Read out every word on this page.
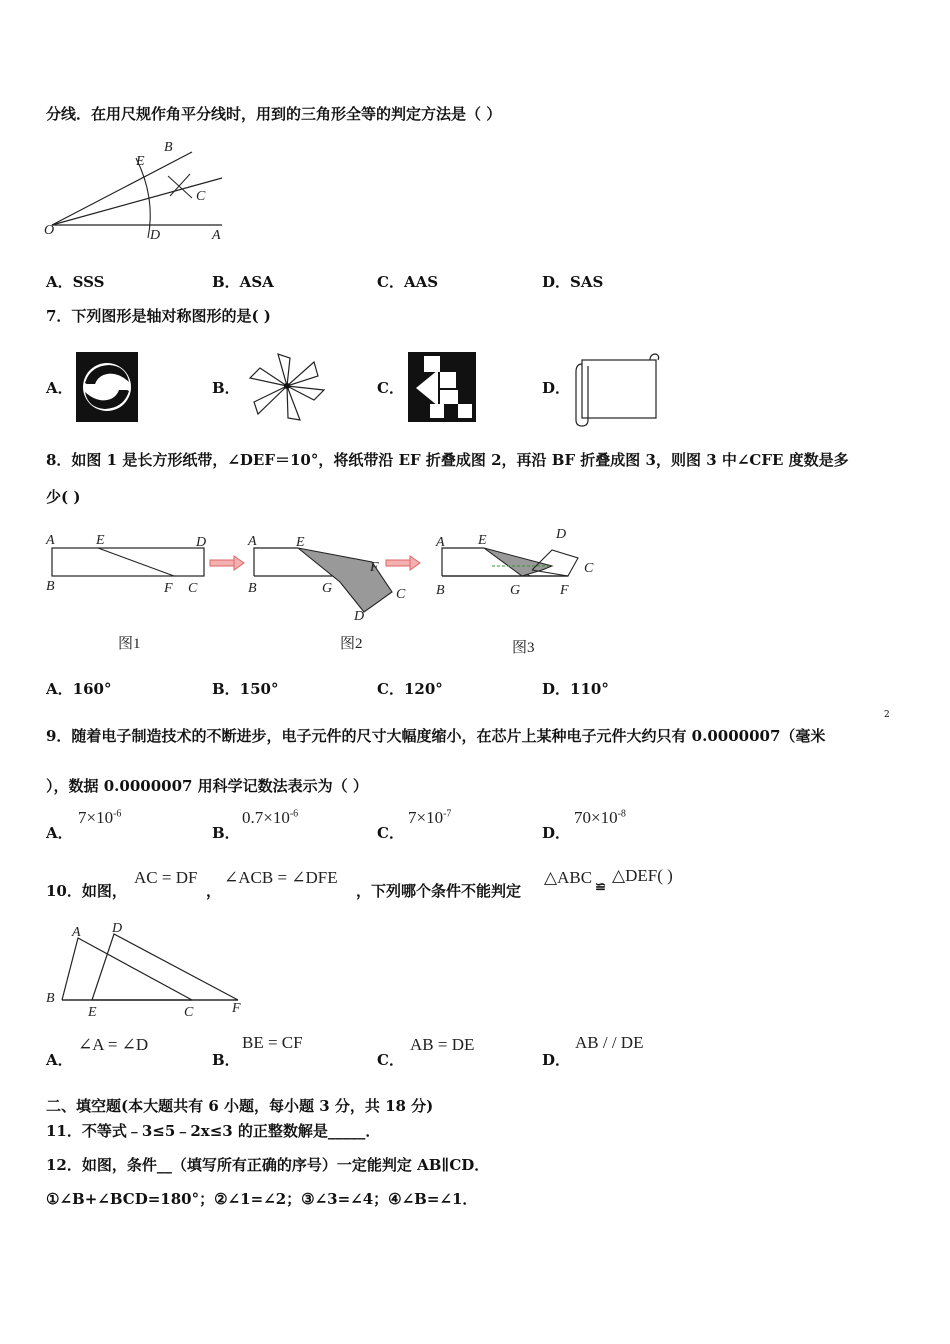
分线．在用尺规作角平分线时，用到的三角形全等的判定方法是（ ）
B
E
C
O	D	A
A．SSS	B．ASA	C．AAS	D．SAS
7．下列图形是轴对称图形的是( )
A．	B．	C．	D．
8．如图 1 是长方形纸带，∠DEF＝10°，将纸带沿 EF 折叠成图 2，再沿 BF 折叠成图 3，则图 3 中∠CFE 度数是多
少( )
A	E	D
B	F C
图1
A	E
F
B	G	C
D
图2
A E	D
C
B	G	F
图3
A．160°	B．150°	C．120°	D．110°
2
9．随着电子制造技术的不断进步，电子元件的尺寸大幅度缩小，在芯片上某种电子元件大约只有 0.0000007（毫米
），数据 0.0000007 用科学记数法表示为（ ）
A．
$7\times 10^{-6}$
B．
$0.7\times 10^{-6}$
C．
$7\times 10^{-7}$
D．
$70\times 10^{-8}$
10．如图，
AC = DF
，
∠ACB = ∠DFE
，下列哪个条件不能判定
△ABC
≌
△DEF( )
A D
B
E	C	F
A．
∠A = ∠D
B．
BE = CF
C．
AB = DE
D．
AB / / DE
二、填空题(本大题共有 6 小题，每小题 3 分，共 18 分)
11．不等式﹣3≤5﹣2x≤3 的正整数解是_____．
12．如图，条件__（填写所有正确的序号）一定能判定 AB∥CD．
①∠B+∠BCD=180°；②∠1=∠2；③∠3=∠4；④∠B=∠1．
